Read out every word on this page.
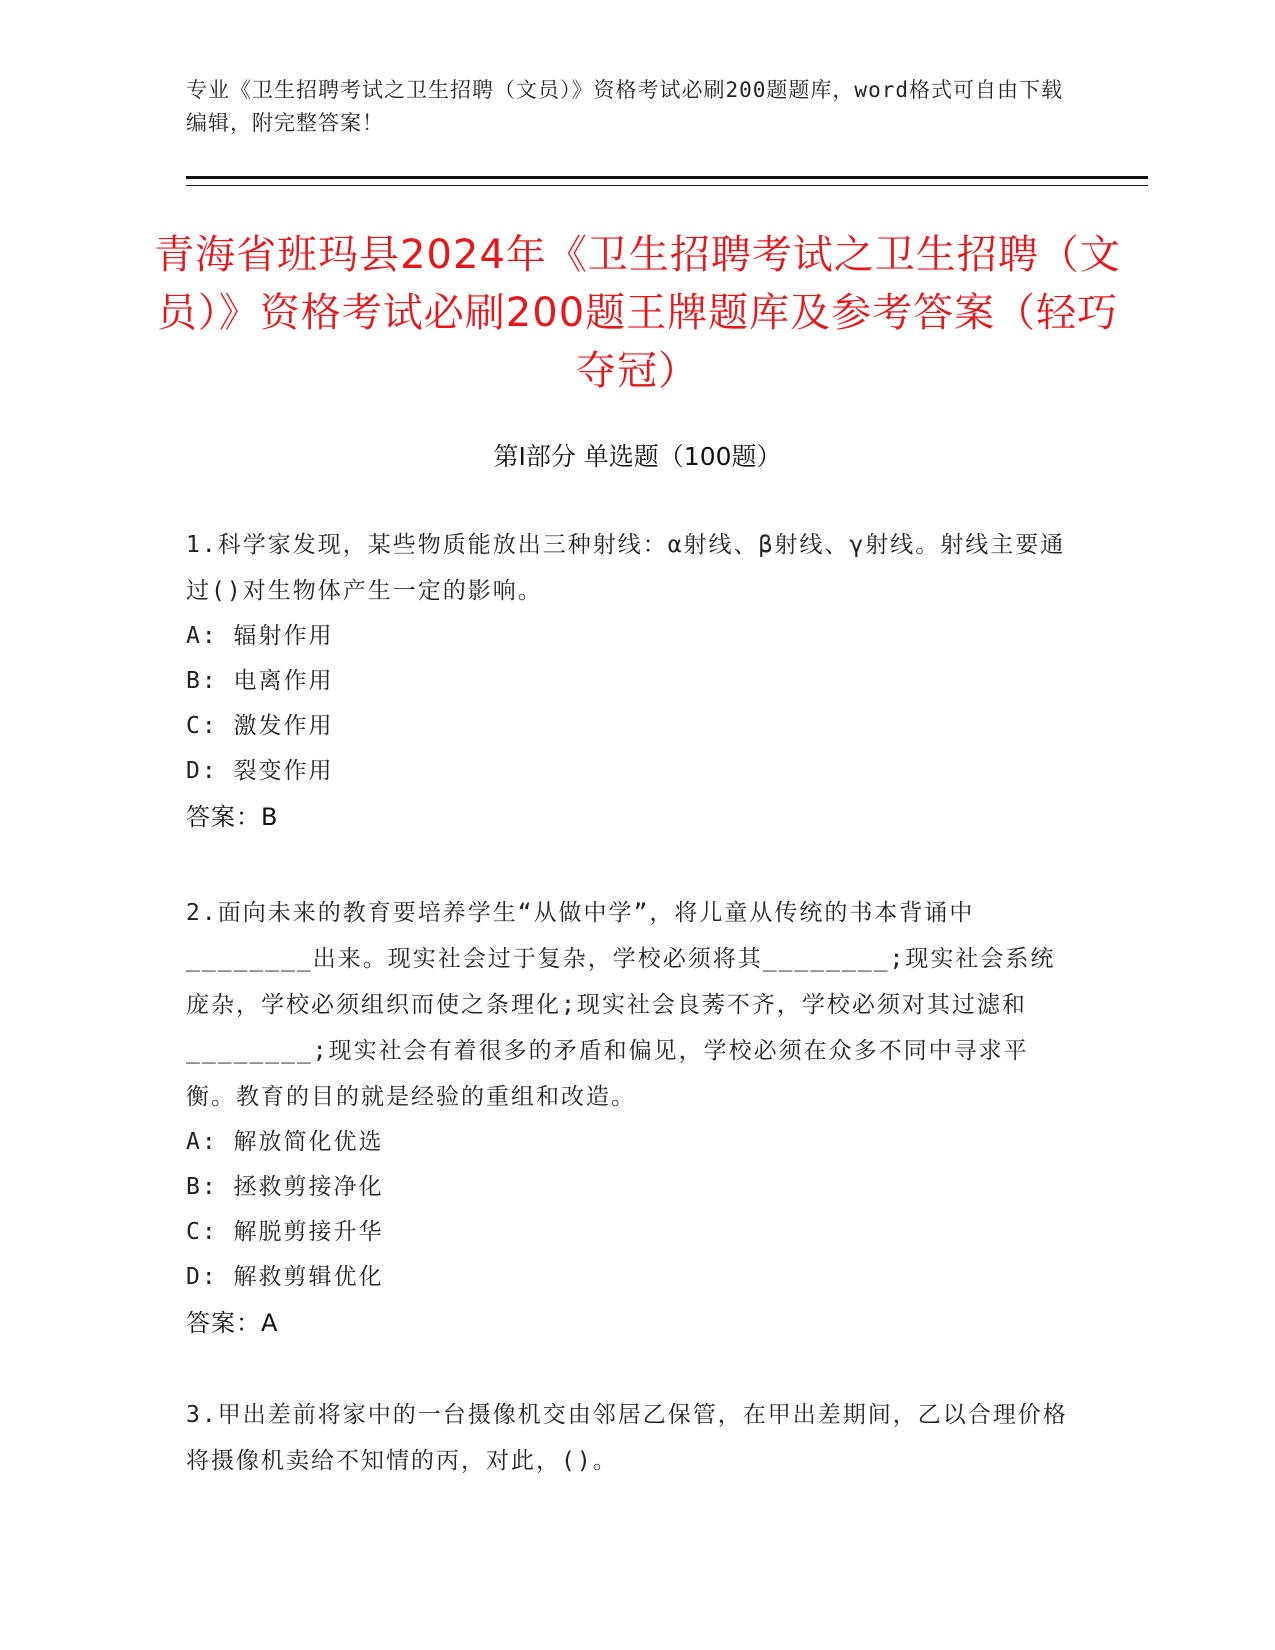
专业《卫生招聘考试之卫生招聘（文员）》资格考试必刷200题题库，word格式可自由下载编辑，附完整答案！
青海省班玛县2024年《卫生招聘考试之卫生招聘（文员）》资格考试必刷200题王牌题库及参考答案（轻巧夺冠）
第Ⅰ部分 单选题（100题）

1.科学家发现，某些物质能放出三种射线：α射线、β射线、γ射线。射线主要通过()对生物体产生一定的影响。

A: 辐射作用

B: 电离作用

C: 激发作用

D: 裂变作用

答案：B

2.面向未来的教育要培养学生“从做中学”，将儿童从传统的书本背诵中________出来。现实社会过于复杂，学校必须将其________;现实社会系统庞杂，学校必须组织而使之条理化;现实社会良莠不齐，学校必须对其过滤和________;现实社会有着很多的矛盾和偏见，学校必须在众多不同中寻求平衡。教育的目的就是经验的重组和改造。

A: 解放简化优选

B: 拯救剪接净化

C: 解脱剪接升华

D: 解救剪辑优化

答案：A

3.甲出差前将家中的一台摄像机交由邻居乙保管，在甲出差期间，乙以合理价格将摄像机卖给不知情的丙，对此，()。
